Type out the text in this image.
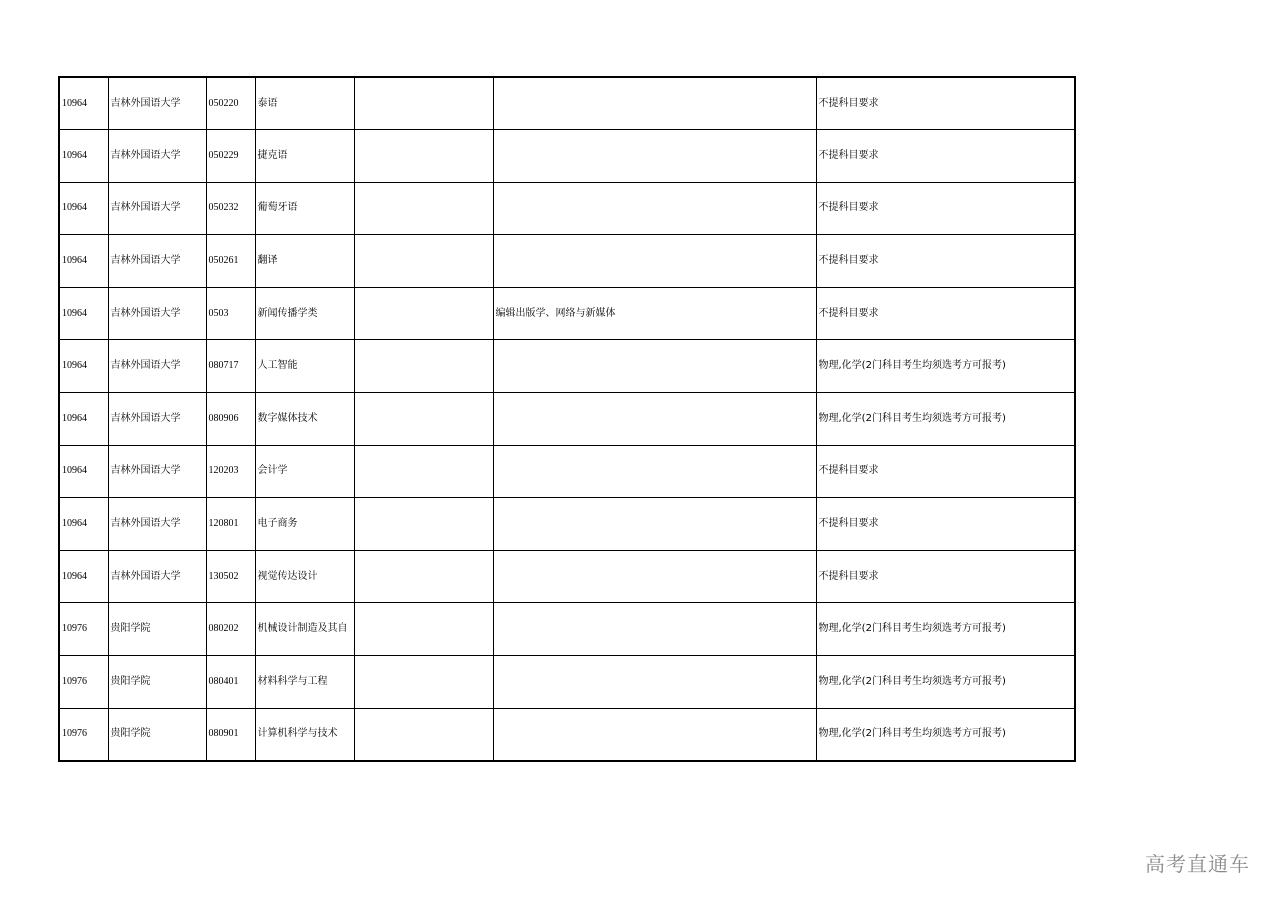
10964	吉林外国语大学	050220	泰语			不提科目要求
10964	吉林外国语大学	050229	捷克语			不提科目要求
10964	吉林外国语大学	050232	葡萄牙语			不提科目要求
10964	吉林外国语大学	050261	翻译			不提科目要求
10964	吉林外国语大学	0503	新闻传播学类		编辑出版学、网络与新媒体	不提科目要求
10964	吉林外国语大学	080717	人工智能			物理,化学(2门科目考生均须选考方可报考)
10964	吉林外国语大学	080906	数字媒体技术			物理,化学(2门科目考生均须选考方可报考)
10964	吉林外国语大学	120203	会计学			不提科目要求
10964	吉林外国语大学	120801	电子商务			不提科目要求
10964	吉林外国语大学	130502	视觉传达设计			不提科目要求
10976	贵阳学院	080202	机械设计制造及其自			物理,化学(2门科目考生均须选考方可报考)
10976	贵阳学院	080401	材料科学与工程			物理,化学(2门科目考生均须选考方可报考)
10976	贵阳学院	080901	计算机科学与技术			物理,化学(2门科目考生均须选考方可报考)
高考直通车
